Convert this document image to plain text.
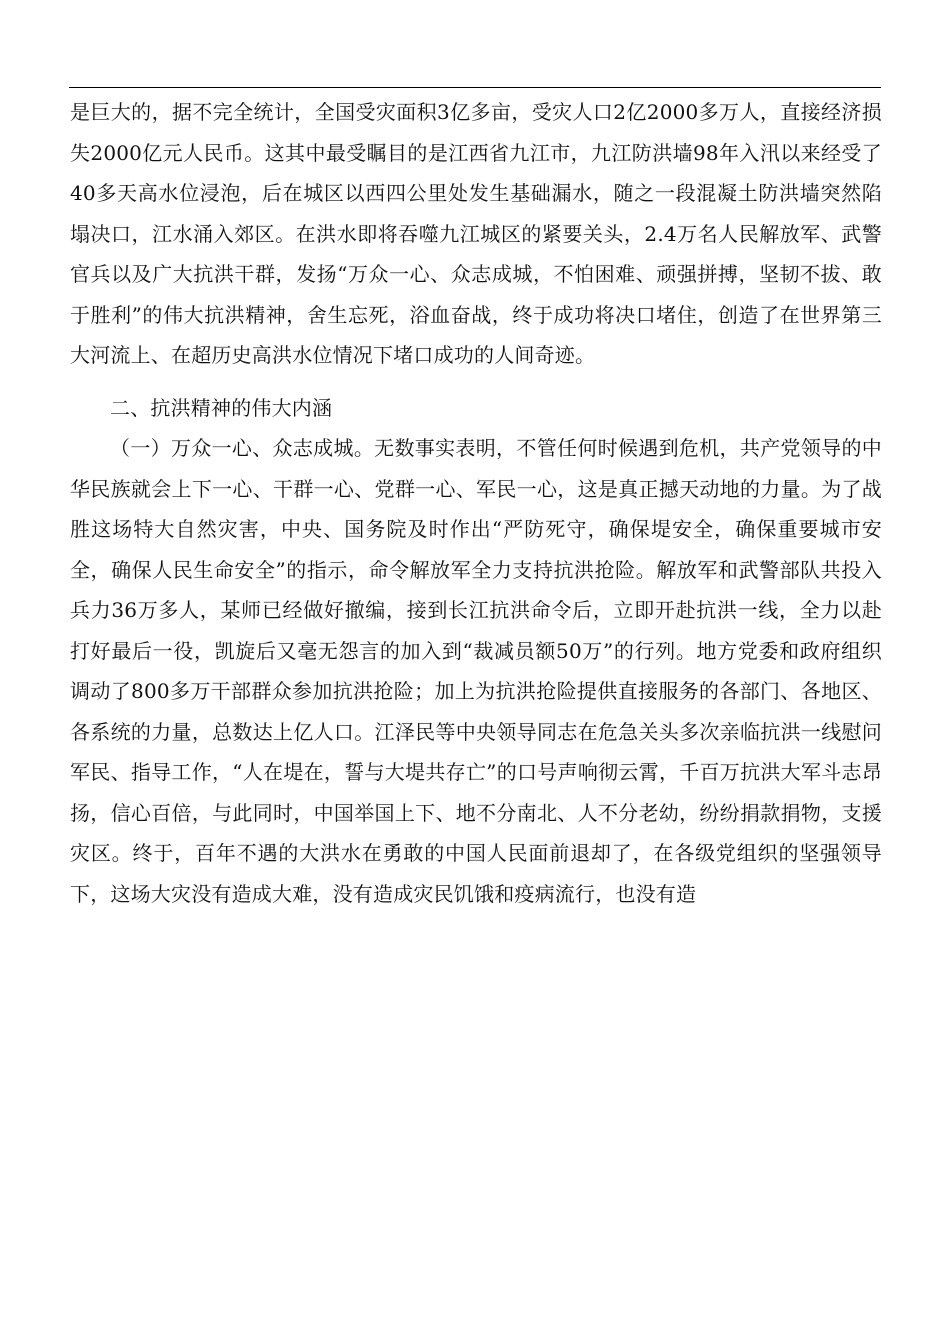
是巨大的，据不完全统计，全国受灾面积3亿多亩，受灾人口2亿2000多万人，直接经济损失2000亿元人民币。这其中最受瞩目的是江西省九江市，九江防洪墙98年入汛以来经受了40多天高水位浸泡，后在城区以西四公里处发生基础漏水，随之一段混凝土防洪墙突然陷塌决口，江水涌入郊区。在洪水即将吞噬九江城区的紧要关头，2.4万名人民解放军、武警官兵以及广大抗洪干群，发扬“万众一心、众志成城，不怕困难、顽强拼搏，坚韧不拔、敢于胜利”的伟大抗洪精神，舍生忘死，浴血奋战，终于成功将决口堵住，创造了在世界第三大河流上、在超历史高洪水位情况下堵口成功的人间奇迹。

二、抗洪精神的伟大内涵

（一）万众一心、众志成城。无数事实表明，不管任何时候遇到危机，共产党领导的中华民族就会上下一心、干群一心、党群一心、军民一心，这是真正撼天动地的力量。为了战胜这场特大自然灾害，中央、国务院及时作出“严防死守，确保堤安全，确保重要城市安全，确保人民生命安全”的指示，命令解放军全力支持抗洪抢险。解放军和武警部队共投入兵力36万多人，某师已经做好撤编，接到长江抗洪命令后，立即开赴抗洪一线，全力以赴打好最后一役，凯旋后又毫无怨言的加入到“裁减员额50万”的行列。地方党委和政府组织调动了800多万干部群众参加抗洪抢险；加上为抗洪抢险提供直接服务的各部门、各地区、各系统的力量，总数达上亿人口。江泽民等中央领导同志在危急关头多次亲临抗洪一线慰问军民、指导工作，“人在堤在，誓与大堤共存亡”的口号声响彻云霄，千百万抗洪大军斗志昂扬，信心百倍，与此同时，中国举国上下、地不分南北、人不分老幼，纷纷捐款捐物，支援灾区。终于，百年不遇的大洪水在勇敢的中国人民面前退却了，在各级党组织的坚强领导下，这场大灾没有造成大难，没有造成灾民饥饿和疫病流行，也没有造
